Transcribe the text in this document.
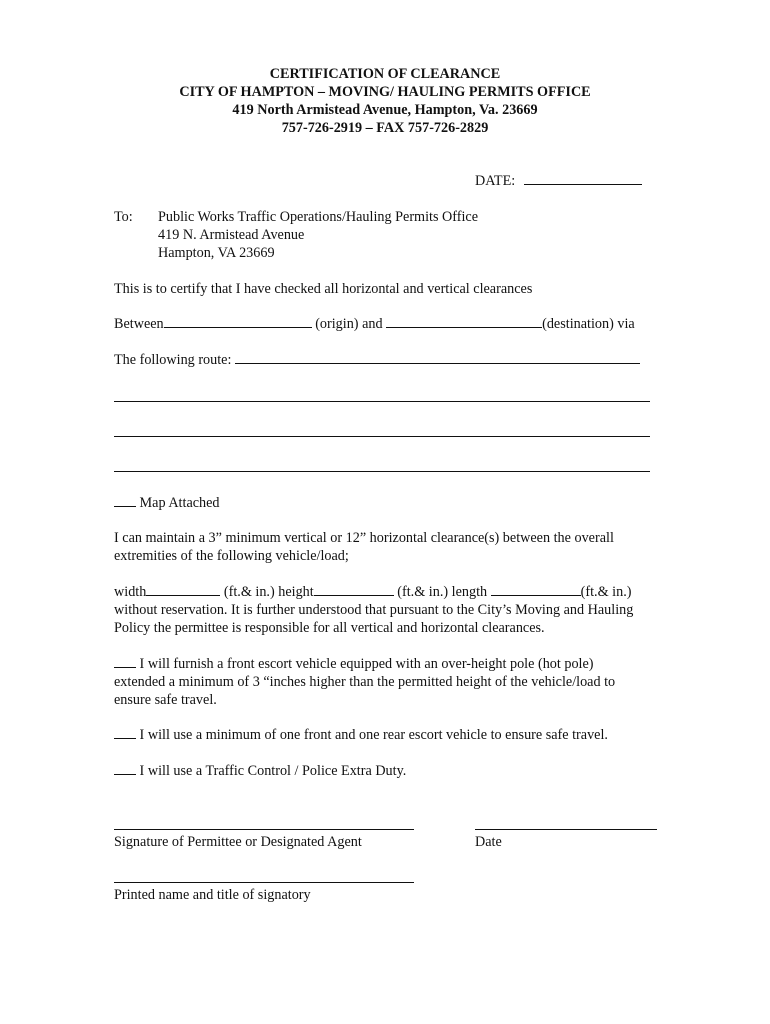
CERTIFICATION OF CLEARANCE
CITY OF HAMPTON – MOVING/ HAULING PERMITS OFFICE
419 North Armistead Avenue, Hampton, Va. 23669
757-726-2919 – FAX 757-726-2829
DATE:
To: Public Works Traffic Operations/Hauling Permits Office
419 N. Armistead Avenue
Hampton, VA 23669
This is to certify that I have checked all horizontal and vertical clearances
Between	(origin) and	(destination) via
The following route:
Map Attached
I can maintain a 3” minimum vertical or 12” horizontal clearance(s) between the overall
extremities of the following vehicle/load;
width	(ft.& in.) height	(ft.& in.) length	(ft.& in.)
without reservation. It is further understood that pursuant to the City’s Moving and Hauling
Policy the permittee is responsible for all vertical and horizontal clearances.
I will furnish a front escort vehicle equipped with an over-height pole (hot pole)
extended a minimum of 3 “inches higher than the permitted height of the vehicle/load to
ensure safe travel.
I will use a minimum of one front and one rear escort vehicle to ensure safe travel.
I will use a Traffic Control / Police Extra Duty.
Signature of Permittee or Designated Agent	Date
Printed name and title of signatory
